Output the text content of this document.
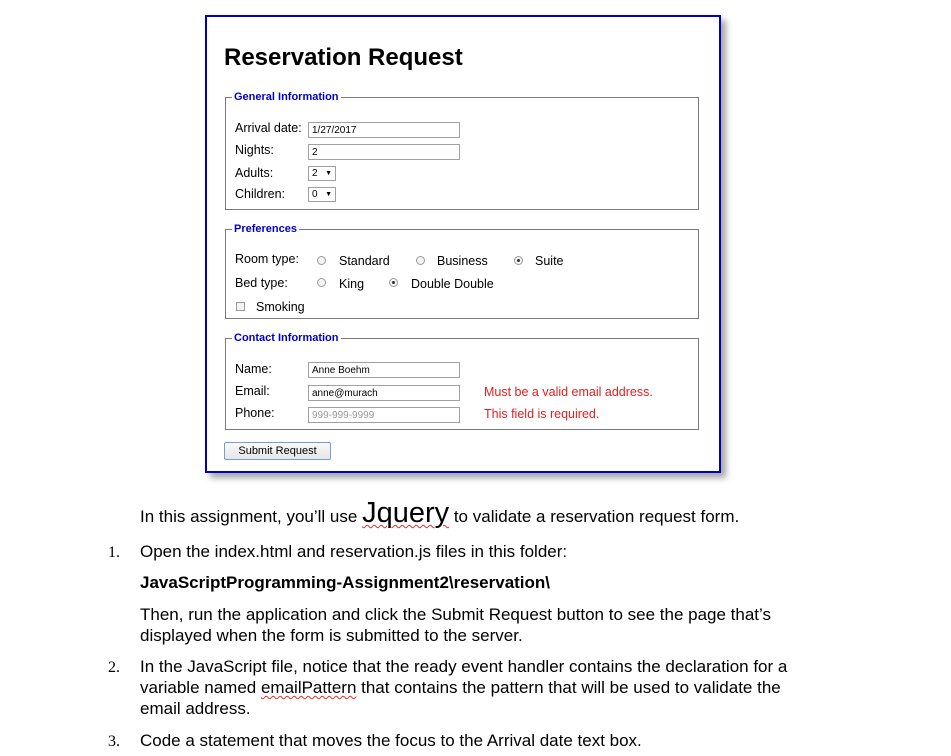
Reservation Request
General Information
Arrival date:	1/27/2017
Nights:	2
Adults:	2 ▼
Children:	0 ▼
Preferences
Room type:	Standard	Business	Suite
Bed type:	King	Double Double
Smoking
Contact Information
Name:	Anne Boehm
Email:	anne@murach	Must be a valid email address.
Phone:	999-999-9999	This field is required.
Submit Request
In this assignment, you’ll use Jquery to validate a reservation request form.
1. Open the index.html and reservation.js files in this folder:
JavaScriptProgramming-Assignment2\reservation\
Then, run the application and click the Submit Request button to see the page that’s
displayed when the form is submitted to the server.
2. In the JavaScript file, notice that the ready event handler contains the declaration for a
variable named emailPattern that contains the pattern that will be used to validate the
email address.
3. Code a statement that moves the focus to the Arrival date text box.
